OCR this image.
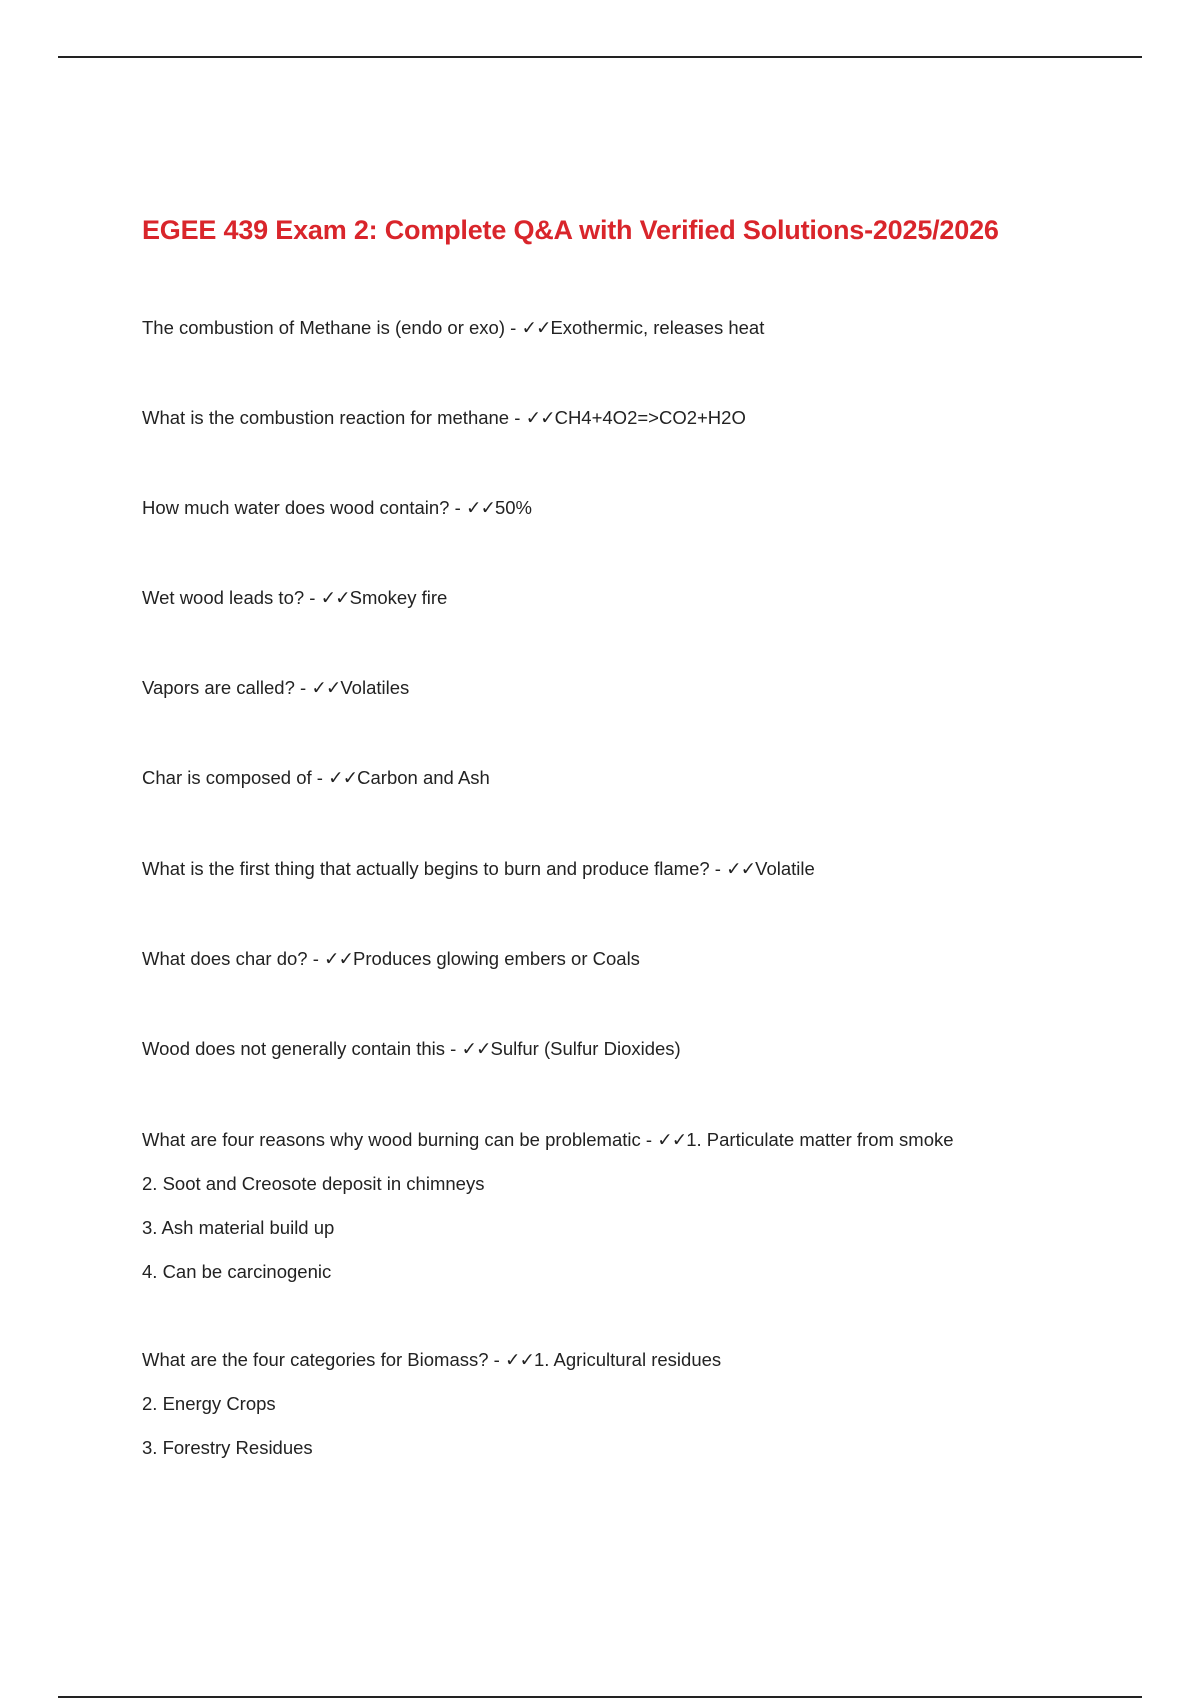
EGEE 439 Exam 2: Complete Q&A with Verified Solutions-2025/2026

The combustion of Methane is (endo or exo) - ✓✓Exothermic, releases heat

What is the combustion reaction for methane - ✓✓CH4+4O2=>CO2+H2O

How much water does wood contain? - ✓✓50%

Wet wood leads to? - ✓✓Smokey fire

Vapors are called? - ✓✓Volatiles

Char is composed of - ✓✓Carbon and Ash

What is the first thing that actually begins to burn and produce flame? - ✓✓Volatile

What does char do? - ✓✓Produces glowing embers or Coals

Wood does not generally contain this - ✓✓Sulfur (Sulfur Dioxides)

What are four reasons why wood burning can be problematic - ✓✓1. Particulate matter from smoke

2. Soot and Creosote deposit in chimneys

3. Ash material build up

4. Can be carcinogenic

What are the four categories for Biomass? - ✓✓1. Agricultural residues

2. Energy Crops

3. Forestry Residues
